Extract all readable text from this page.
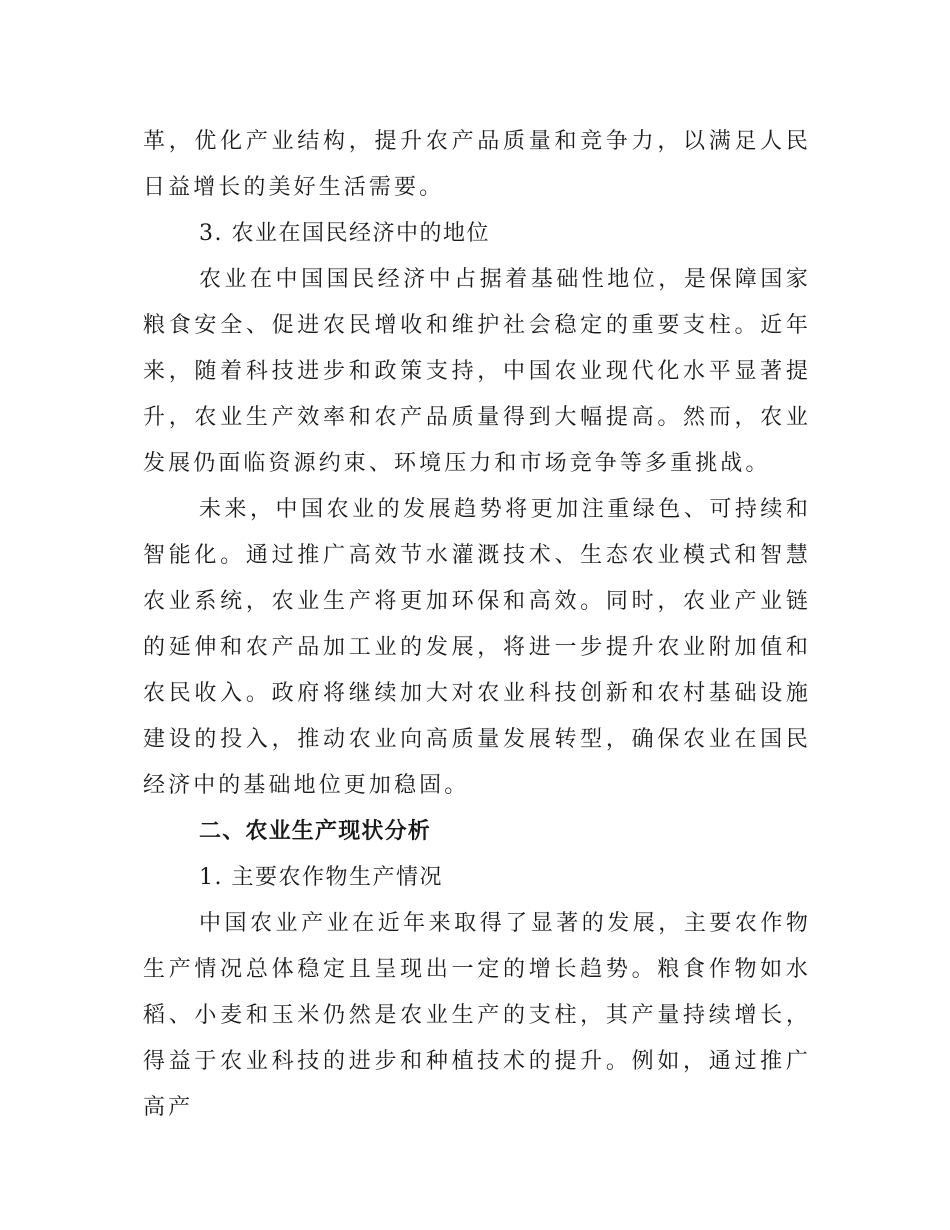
革，优化产业结构，提升农产品质量和竞争力，以满足人民日益增长的美好生活需要。

3. 农业在国民经济中的地位

农业在中国国民经济中占据着基础性地位，是保障国家粮食安全、促进农民增收和维护社会稳定的重要支柱。近年来，随着科技进步和政策支持，中国农业现代化水平显著提升，农业生产效率和农产品质量得到大幅提高。然而，农业发展仍面临资源约束、环境压力和市场竞争等多重挑战。

未来，中国农业的发展趋势将更加注重绿色、可持续和智能化。通过推广高效节水灌溉技术、生态农业模式和智慧农业系统，农业生产将更加环保和高效。同时，农业产业链的延伸和农产品加工业的发展，将进一步提升农业附加值和农民收入。政府将继续加大对农业科技创新和农村基础设施建设的投入，推动农业向高质量发展转型，确保农业在国民经济中的基础地位更加稳固。

二、农业生产现状分析

1. 主要农作物生产情况

中国农业产业在近年来取得了显著的发展，主要农作物生产情况总体稳定且呈现出一定的增长趋势。粮食作物如水稻、小麦和玉米仍然是农业生产的支柱，其产量持续增长，得益于农业科技的进步和种植技术的提升。例如，通过推广高产
